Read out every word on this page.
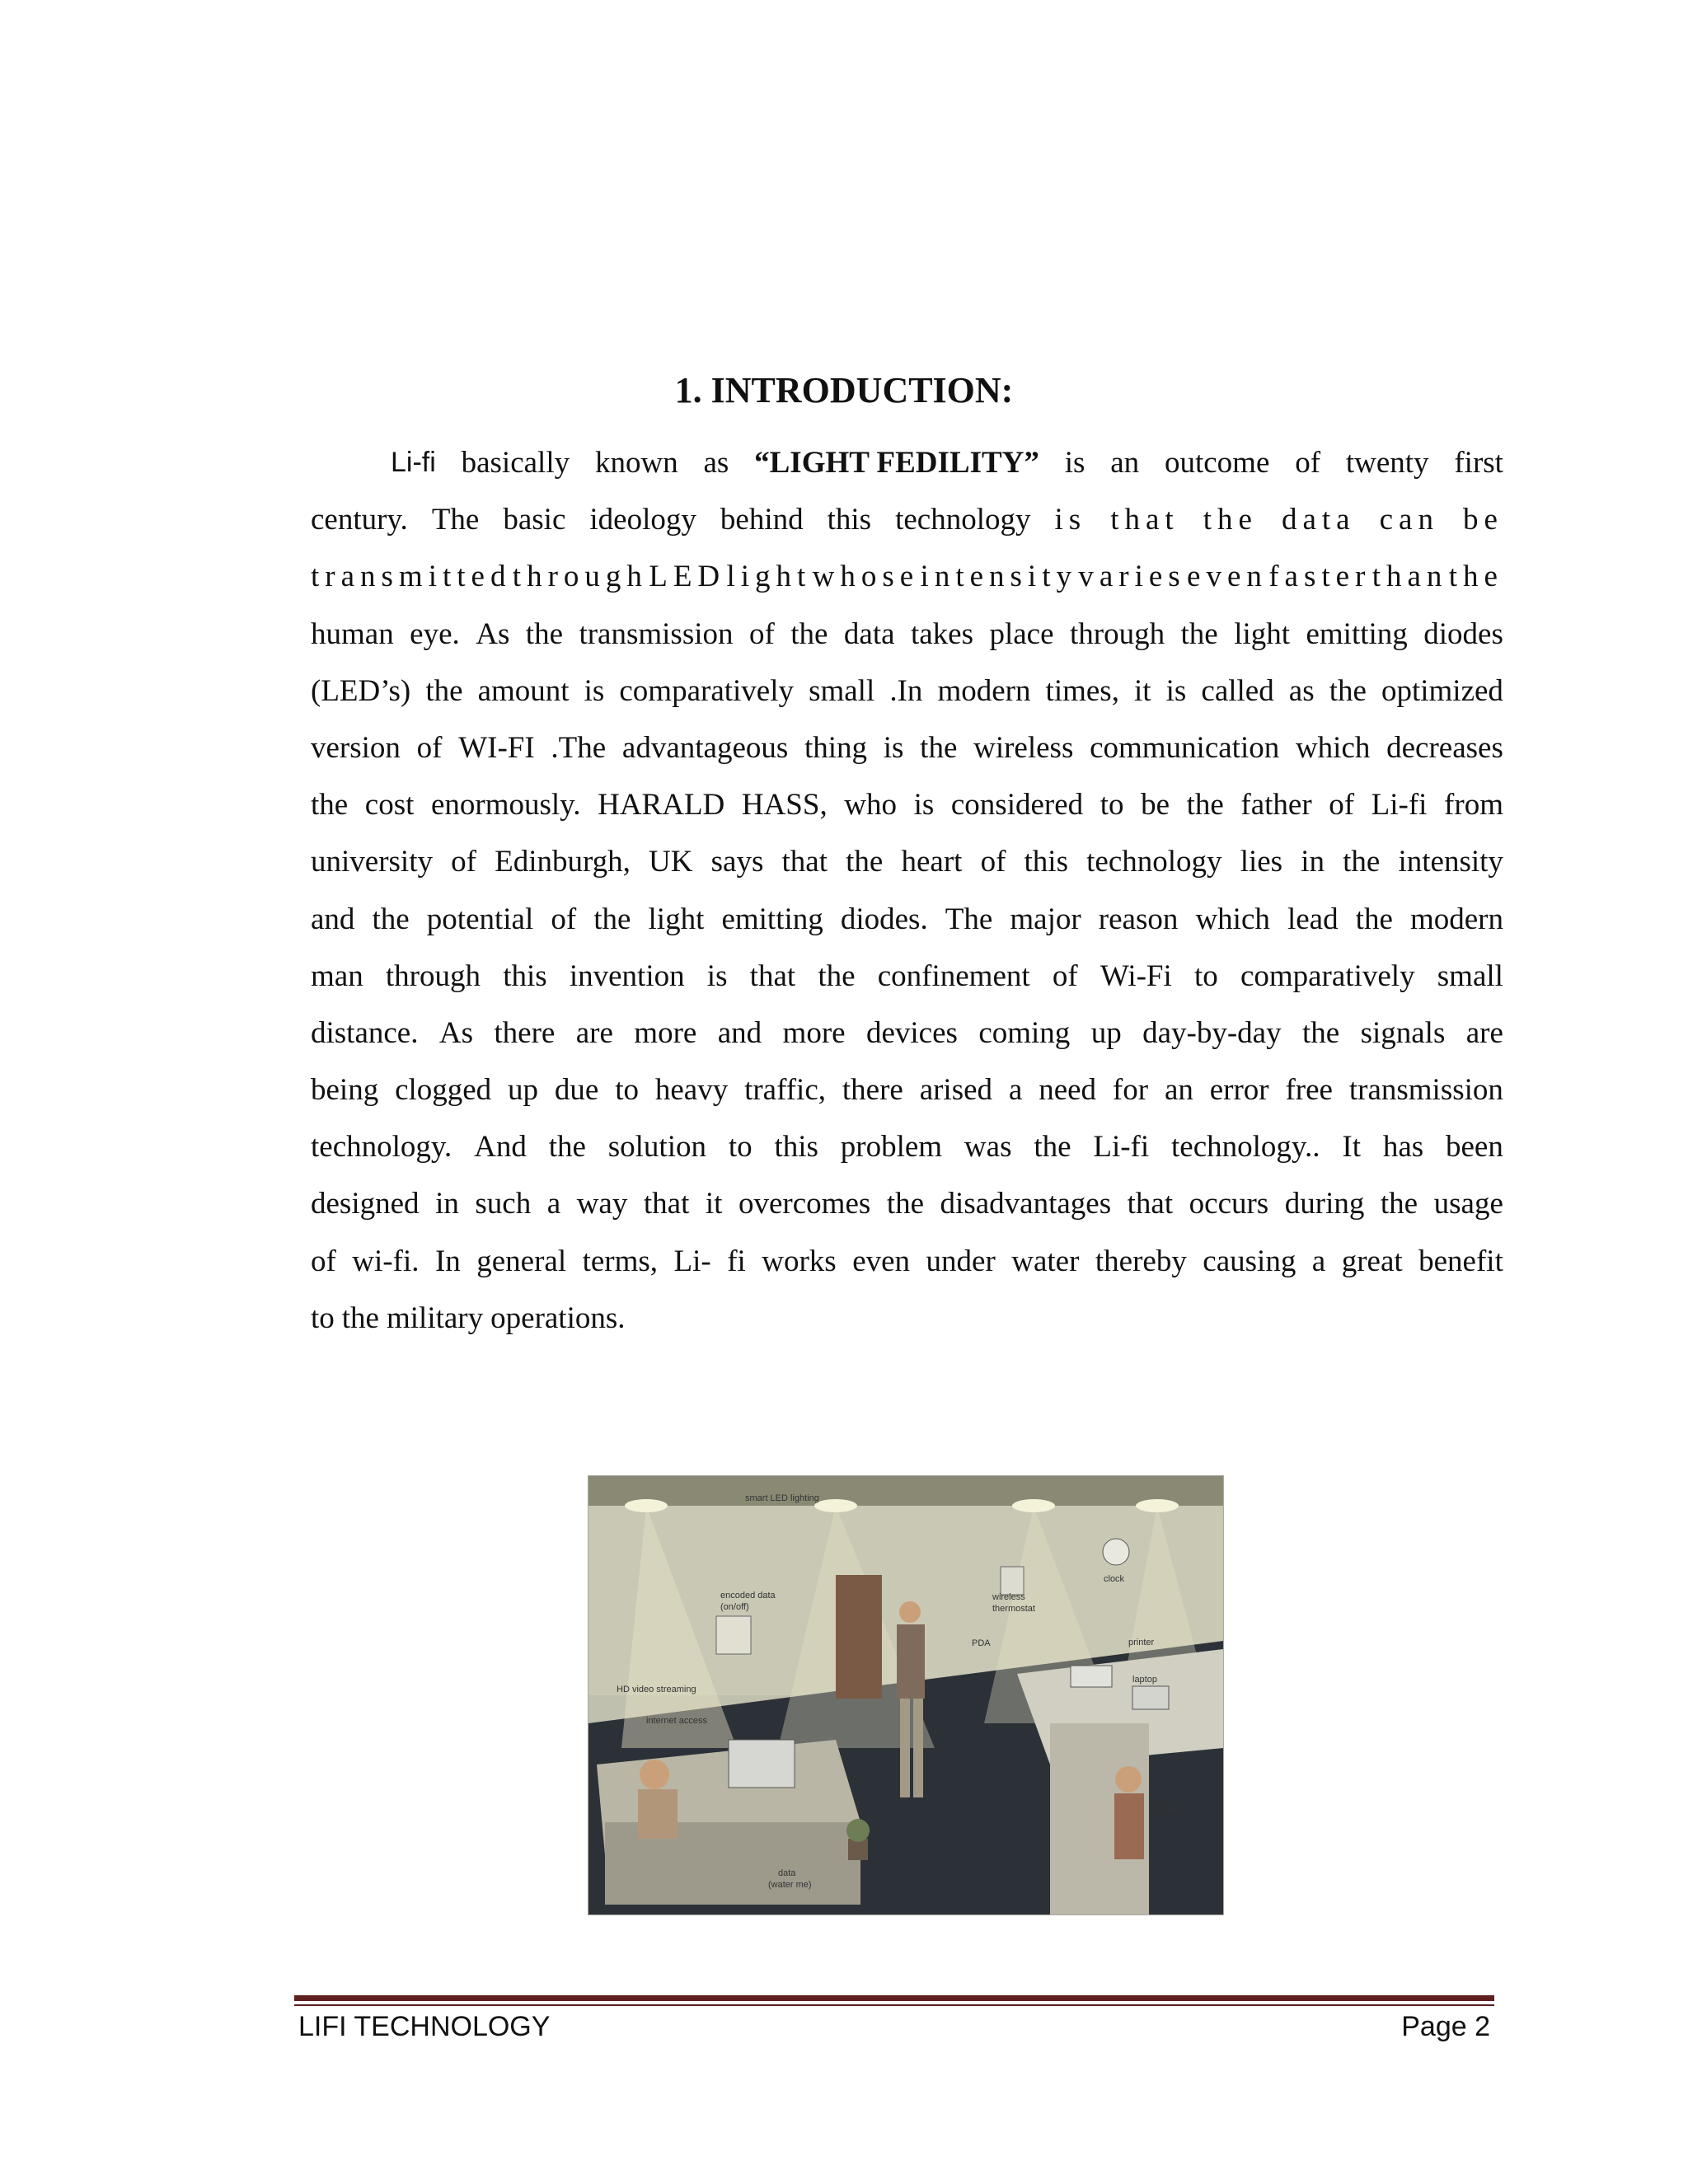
1. INTRODUCTION:
Li-fi basically known as “LIGHT FEDILITY” is an outcome of twenty first
century. The basic ideology behind this technology is that the data can be
transmitted through LED light whose intensity varies even faster than the
human eye. As the transmission of the data takes place through the light emitting diodes
(LED’s) the amount is comparatively small .In modern times, it is called as the optimized
version of WI-FI .The advantageous thing is the wireless communication which decreases
the cost enormously. HARALD HASS, who is considered to be the father of Li-fi from
university of Edinburgh, UK says that the heart of this technology lies in the intensity
and the potential of the light emitting diodes. The major reason which lead the modern
man through this invention is that the confinement of Wi-Fi to comparatively small
distance. As there are more and more devices coming up day-by-day the signals are
being clogged up due to heavy traffic, there arised a need for an error free transmission
technology. And the solution to this problem was the Li-fi technology.. It has been
designed in such a way that it overcomes the disadvantages that occurs during the usage
of wi-fi. In general terms, Li- fi works even under water thereby causing a great benefit
to the military operations.
smart LED lighting
encoded data
(on/off)
wireless
thermostat
clock
PDA	printer
laptop
HD video streaming
internet access
PDA
data
(water me)
LIFI TECHNOLOGY	Page 2
